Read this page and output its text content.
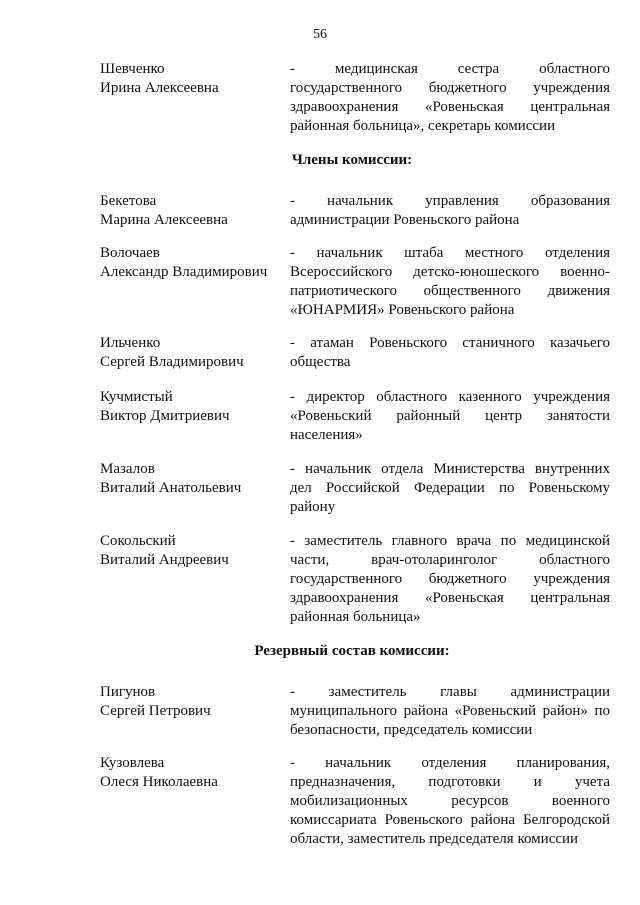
56
Шевченко
Ирина Алексеевна
- медицинская сестра областного государственного бюджетного учреждения здравоохранения «Ровеньская центральная районная больница», секретарь комиссии
Члены комиссии:
Бекетова
Марина Алексеевна
- начальник управления образования администрации Ровеньского района
Волочаев
Александр Владимирович
- начальник штаба местного отделения Всероссийского детско-юношеского военно-патриотического общественного движения «ЮНАРМИЯ» Ровеньского района
Ильченко
Сергей Владимирович
- атаман Ровеньского станичного казачьего общества
Кучмистый
Виктор Дмитриевич
- директор областного казенного учреждения «Ровеньский районный центр занятости населения»
Мазалов
Виталий Анатольевич
- начальник отдела Министерства внутренних дел Российской Федерации по Ровеньскому району
Сокольский
Виталий Андреевич
- заместитель главного врача по медицинской части, врач-отоларинголог областного государственного бюджетного учреждения здравоохранения «Ровеньская центральная районная больница»
Резервный состав комиссии:
Пигунов
Сергей Петрович
- заместитель главы администрации муниципального района «Ровеньский район» по безопасности, председатель комиссии
Кузовлева
Олеся Николаевна
- начальник отделения планирования, предназначения, подготовки и учета мобилизационных ресурсов военного комиссариата Ровеньского района Белгородской области, заместитель председателя комиссии
